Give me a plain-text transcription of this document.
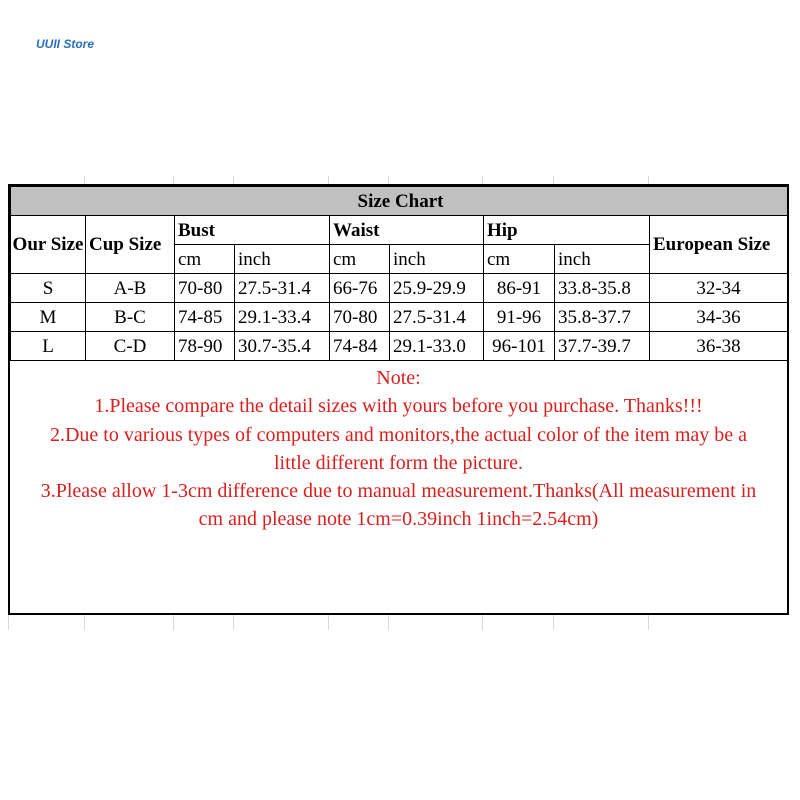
UUII Store
Size Chart								
Our Size	Cup Size	Bust		Waist		Hip		European Size
		cm	inch	cm	inch	cm	inch	
S	A-B	70-80	27.5-31.4	66-76	25.9-29.9	86-91	33.8-35.8	32-34
M	B-C	74-85	29.1-33.4	70-80	27.5-31.4	91-96	35.8-37.7	34-36
L	C-D	78-90	30.7-35.4	74-84	29.1-33.0	96-101	37.7-39.7	36-38
Note:
1.Please compare the detail sizes with yours before you purchase. Thanks!!!
2.Due to various types of computers and monitors,the actual color of the item may be a
little different form the picture.
3.Please allow 1-3cm difference due to manual measurement.Thanks(All measurement in
cm and please note 1cm=0.39inch 1inch=2.54cm)
